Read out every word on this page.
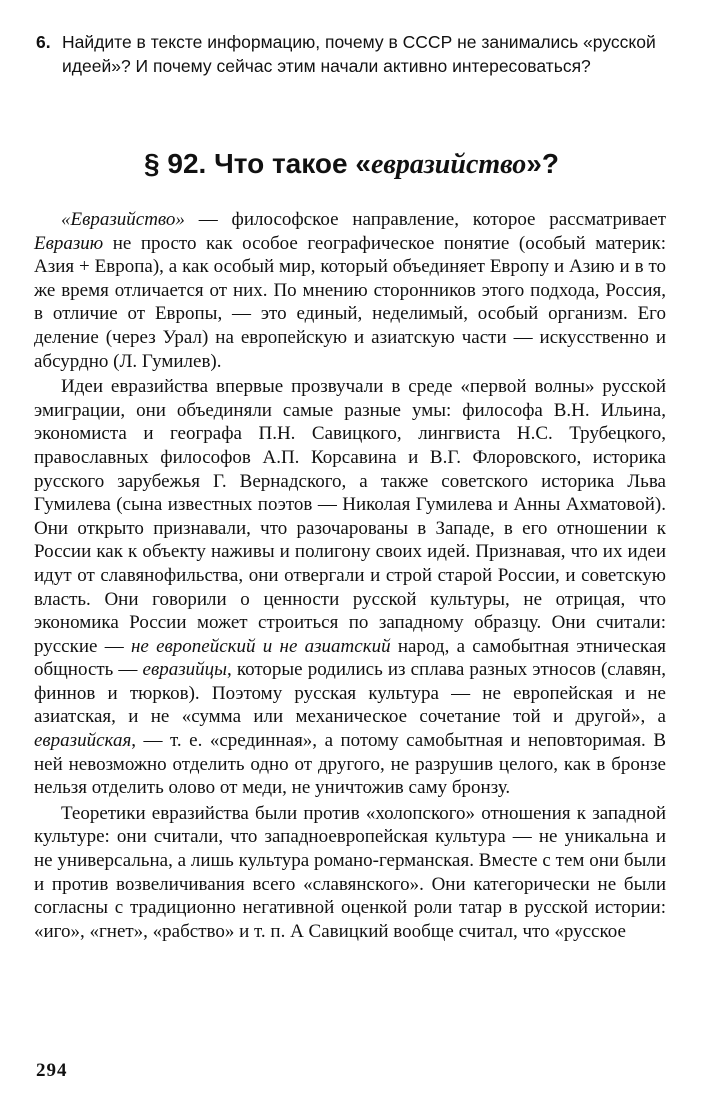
6. Найдите в тексте информацию, почему в СССР не занимались «русской идеей»? И почему сейчас этим начали активно интересоваться?
§ 92. Что такое «евразийство»?

«Евразийство» — философское направление, которое рассматривает Евразию не просто как особое географическое понятие (особый материк: Азия + Европа), а как особый мир, который объединяет Европу и Азию и в то же время отличается от них. По мнению сторонников этого подхода, Россия, в отличие от Европы, — это единый, неделимый, особый организм. Его деление (через Урал) на европейскую и азиатскую части — искусственно и абсурдно (Л. Гумилев).

Идеи евразийства впервые прозвучали в среде «первой волны» русской эмиграции, они объединяли самые разные умы: философа В.Н. Ильина, экономиста и географа П.Н. Савицкого, лингвиста Н.С. Трубецкого, православных философов А.П. Корсавина и В.Г. Флоровского, историка русского зарубежья Г. Вернадского, а также советского историка Льва Гумилева (сына известных поэтов — Николая Гумилева и Анны Ахматовой). Они открыто признавали, что разочарованы в Западе, в его отношении к России как к объекту наживы и полигону своих идей. Признавая, что их идеи идут от славянофильства, они отвергали и строй старой России, и советскую власть. Они говорили о ценности русской культуры, не отрицая, что экономика России может строиться по западному образцу. Они считали: русские — не европейский и не азиатский народ, а самобытная этническая общность — евразийцы, которые родились из сплава разных этносов (славян, финнов и тюрков). Поэтому русская культура — не европейская и не азиатская, и не «сумма или механическое сочетание той и другой», а евразийская, — т. е. «срединная», а потому самобытная и неповторимая. В ней невозможно отделить одно от другого, не разрушив целого, как в бронзе нельзя отделить олово от меди, не уничтожив саму бронзу.

Теоретики евразийства были против «холопского» отношения к западной культуре: они считали, что западноевропейская культура — не уникальна и не универсальна, а лишь культура романо-германская. Вместе с тем они были и против возвеличивания всего «славянского». Они категорически не были согласны с традиционно негативной оценкой роли татар в русской истории: «иго», «гнет», «рабство» и т. п. А Савицкий вообще считал, что «русское

294
